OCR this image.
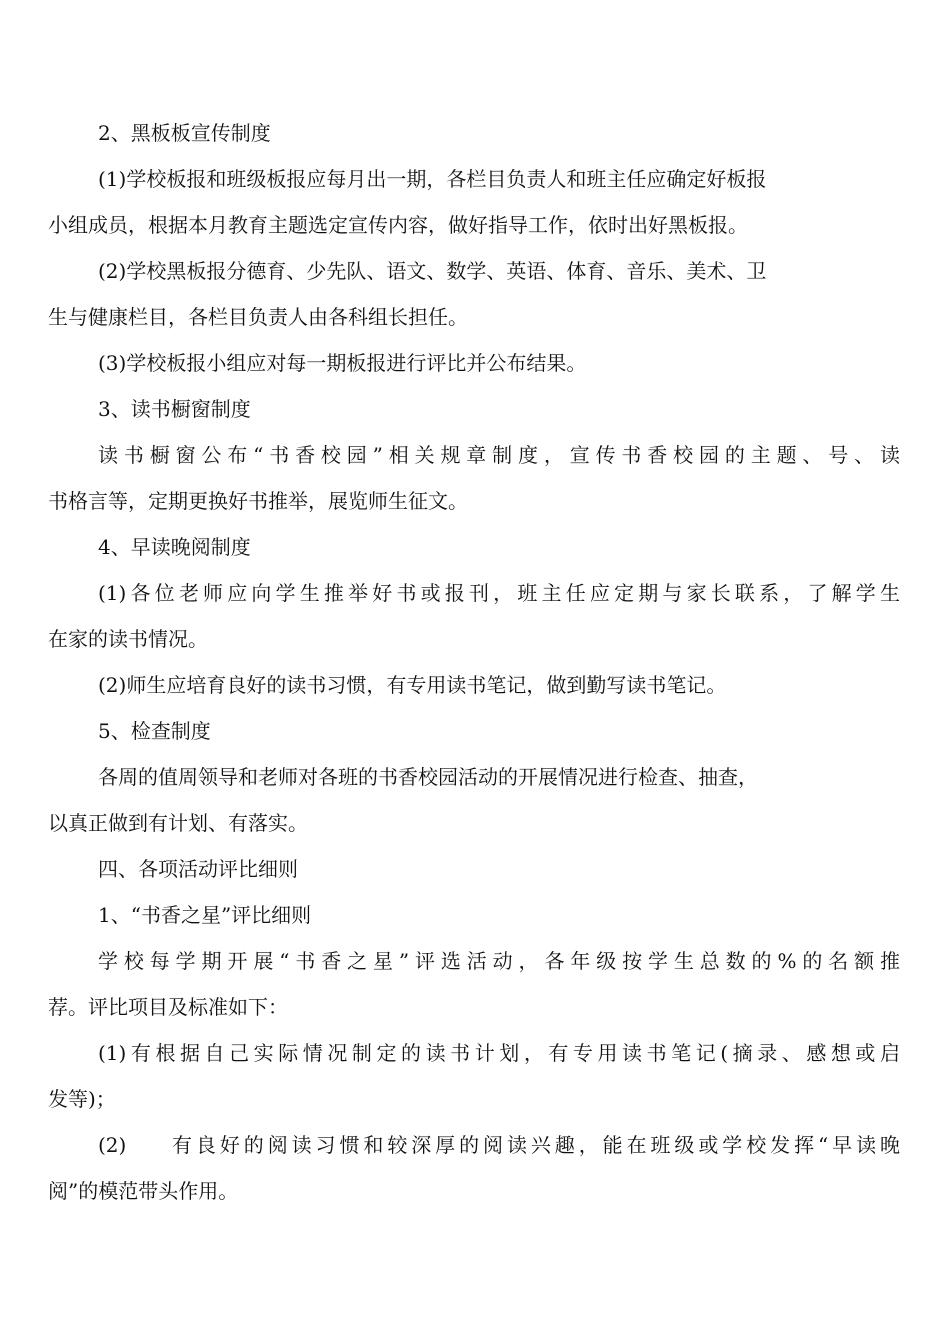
2、黑板板宣传制度
(1)学校板报和班级板报应每月出一期，各栏目负责人和班主任应确定好板报
小组成员，根据本月教育主题选定宣传内容，做好指导工作，依时出好黑板报。
(2)学校黑板报分德育、少先队、语文、数学、英语、体育、音乐、美术、卫
生与健康栏目，各栏目负责人由各科组长担任。
(3)学校板报小组应对每一期板报进行评比并公布结果。
3、读书橱窗制度
读书橱窗公布“书香校园”相关规章制度，宣传书香校园的主题、号、读
书格言等，定期更换好书推举，展览师生征文。
4、早读晚阅制度
(1)各位老师应向学生推举好书或报刊，班主任应定期与家长联系，了解学生
在家的读书情况。
(2)师生应培育良好的读书习惯，有专用读书笔记，做到勤写读书笔记。
5、检查制度
各周的值周领导和老师对各班的书香校园活动的开展情况进行检查、抽查，
以真正做到有计划、有落实。
四、各项活动评比细则
1、“书香之星”评比细则
学校每学期开展“书香之星”评选活动，各年级按学生总数的%的名额推
荐。评比项目及标准如下：
(1)有根据自己实际情况制定的读书计划，有专用读书笔记(摘录、感想或启
发等)；
(2)	有良好的阅读习惯和较深厚的阅读兴趣，能在班级或学校发挥“早读晚
阅”的模范带头作用。
